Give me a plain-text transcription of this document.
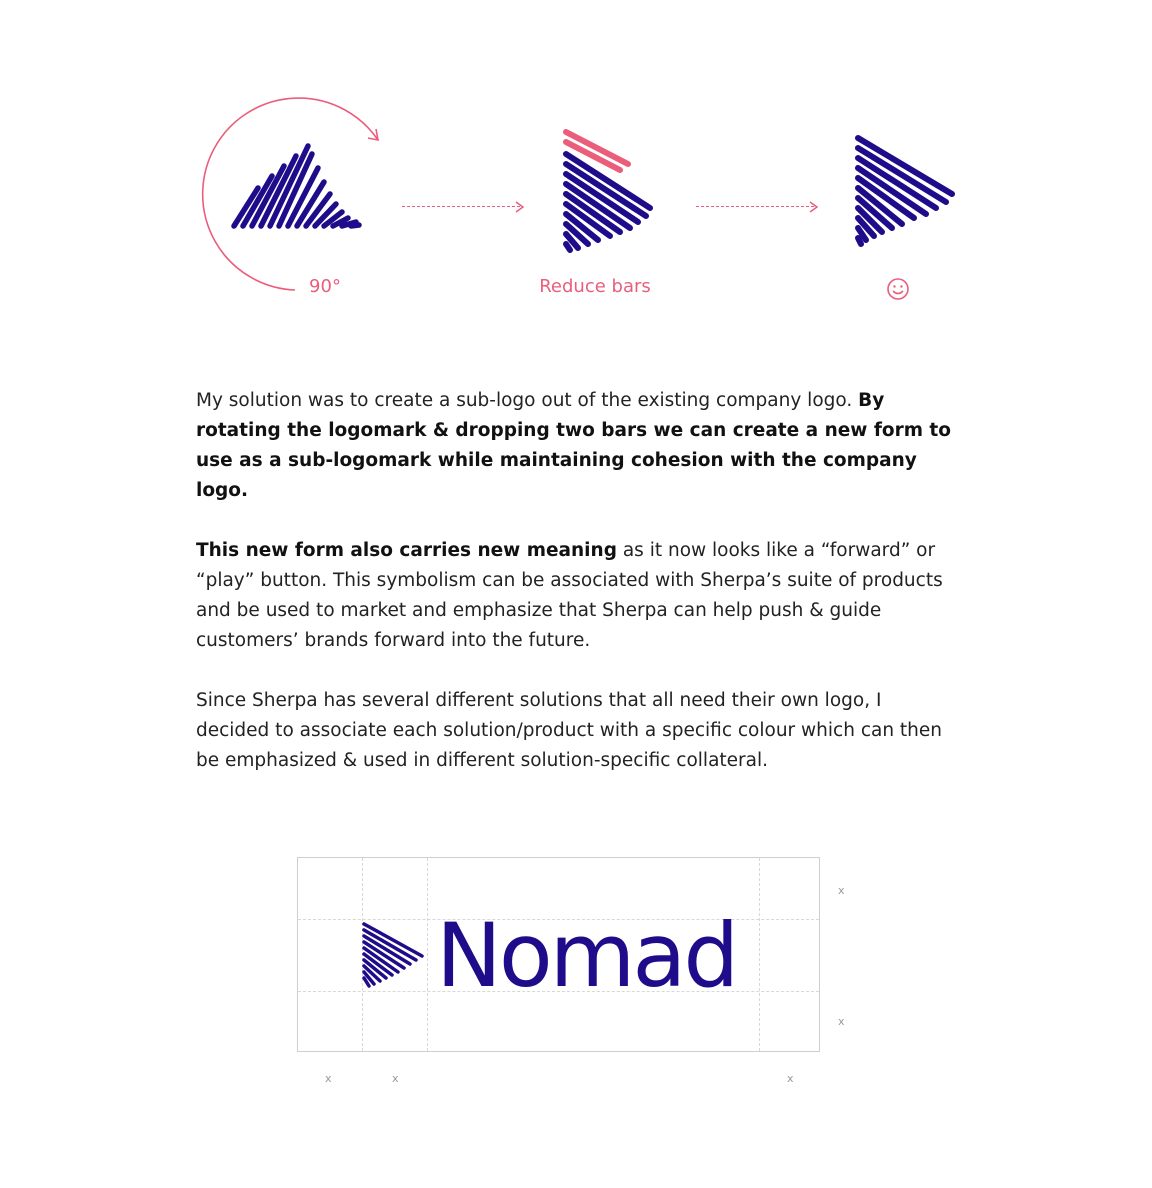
90°	Reduce bars

My solution was to create a sub-logo out of the existing company logo. By rotating the logomark & dropping two bars we can create a new form to use as a sub-logomark while maintaining cohesion with the company logo.

This new form also carries new meaning as it now looks like a “forward” or “play” button. This symbolism can be associated with Sherpa’s suite of products and be used to market and emphasize that Sherpa can help push & guide customers’ brands forward into the future.

Since Sherpa has several different solutions that all need their own logo, I decided to associate each solution/product with a specific colour which can then be emphasized & used in different solution-specific collateral.

Nomad
x
x
x	x	x
